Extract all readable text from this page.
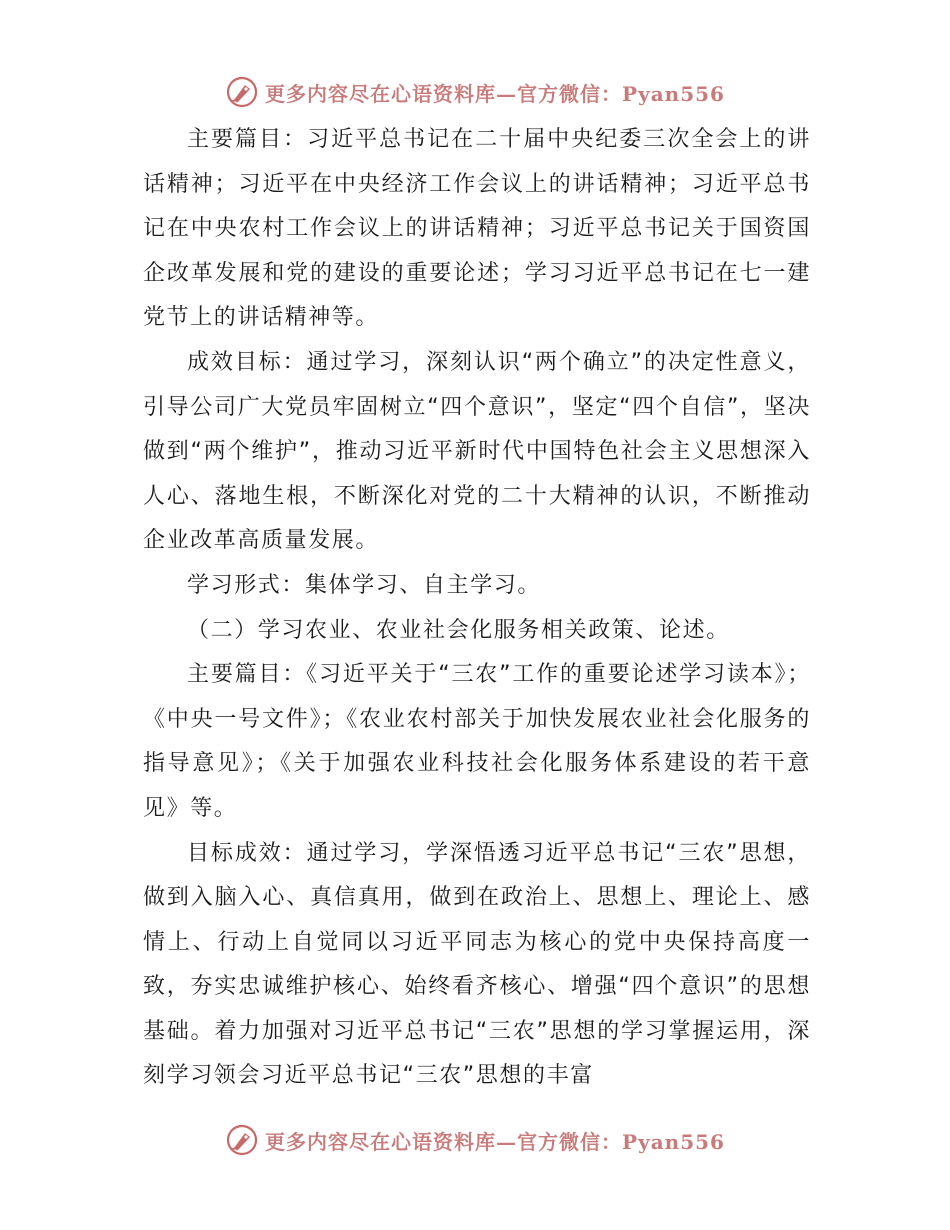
更多内容尽在心语资料库—官方微信：Pyan556

主要篇目：习近平总书记在二十届中央纪委三次全会上的讲话精神；习近平在中央经济工作会议上的讲话精神；习近平总书记在中央农村工作会议上的讲话精神；习近平总书记关于国资国企改革发展和党的建设的重要论述；学习习近平总书记在七一建党节上的讲话精神等。

成效目标：通过学习，深刻认识“两个确立”的决定性意义，引导公司广大党员牢固树立“四个意识”，坚定“四个自信”，坚决做到“两个维护”，推动习近平新时代中国特色社会主义思想深入人心、落地生根，不断深化对党的二十大精神的认识，不断推动企业改革高质量发展。

学习形式：集体学习、自主学习。

（二）学习农业、农业社会化服务相关政策、论述。

主要篇目：《习近平关于“三农”工作的重要论述学习读本》；《中央一号文件》；《农业农村部关于加快发展农业社会化服务的指导意见》；《关于加强农业科技社会化服务体系建设的若干意见》等。

目标成效：通过学习，学深悟透习近平总书记“三农”思想，做到入脑入心、真信真用，做到在政治上、思想上、理论上、感情上、行动上自觉同以习近平同志为核心的党中央保持高度一致，夯实忠诚维护核心、始终看齐核心、增强“四个意识”的思想基础。着力加强对习近平总书记“三农”思想的学习掌握运用，深刻学习领会习近平总书记“三农”思想的丰富

更多内容尽在心语资料库—官方微信：Pyan556
